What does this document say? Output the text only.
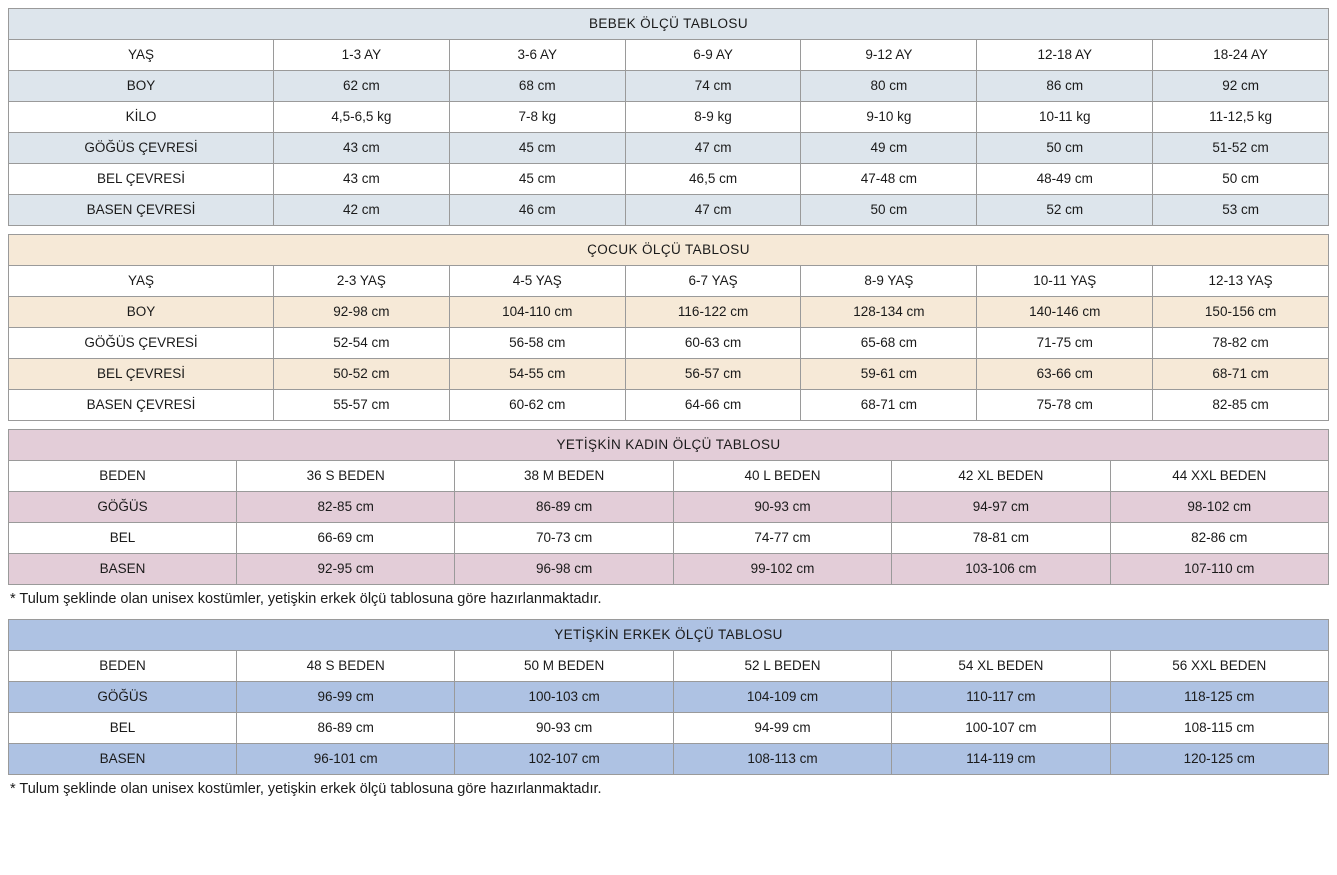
BEBEK ÖLÇÜ TABLOSU						
YAŞ	1-3 AY	3-6 AY	6-9 AY	9-12 AY	12-18 AY	18-24 AY
BOY	62 cm	68 cm	74 cm	80 cm	86 cm	92 cm
KİLO	4,5-6,5 kg	7-8 kg	8-9 kg	9-10 kg	10-11 kg	11-12,5 kg
GÖĞÜS ÇEVRESİ	43 cm	45 cm	47 cm	49 cm	50 cm	51-52 cm
BEL ÇEVRESİ	43 cm	45 cm	46,5 cm	47-48 cm	48-49 cm	50 cm
BASEN ÇEVRESİ	42 cm	46 cm	47 cm	50 cm	52 cm	53 cm
ÇOCUK ÖLÇÜ TABLOSU						
YAŞ	2-3 YAŞ	4-5 YAŞ	6-7 YAŞ	8-9 YAŞ	10-11 YAŞ	12-13 YAŞ
BOY	92-98 cm	104-110 cm	116-122 cm	128-134 cm	140-146 cm	150-156 cm
GÖĞÜS ÇEVRESİ	52-54 cm	56-58 cm	60-63 cm	65-68 cm	71-75 cm	78-82 cm
BEL ÇEVRESİ	50-52 cm	54-55 cm	56-57 cm	59-61 cm	63-66 cm	68-71 cm
BASEN ÇEVRESİ	55-57 cm	60-62 cm	64-66 cm	68-71 cm	75-78 cm	82-85 cm
YETİŞKİN KADIN ÖLÇÜ TABLOSU					
BEDEN	36 S BEDEN	38 M BEDEN	40 L BEDEN	42 XL BEDEN	44 XXL BEDEN
GÖĞÜS	82-85 cm	86-89 cm	90-93 cm	94-97 cm	98-102 cm
BEL	66-69 cm	70-73 cm	74-77 cm	78-81 cm	82-86 cm
BASEN	92-95 cm	96-98 cm	99-102 cm	103-106 cm	107-110 cm
* Tulum şeklinde olan unisex kostümler, yetişkin erkek ölçü tablosuna göre hazırlanmaktadır.
YETİŞKİN ERKEK ÖLÇÜ TABLOSU					
BEDEN	48 S BEDEN	50 M BEDEN	52 L BEDEN	54 XL BEDEN	56 XXL BEDEN
GÖĞÜS	96-99 cm	100-103 cm	104-109 cm	110-117 cm	118-125 cm
BEL	86-89 cm	90-93 cm	94-99 cm	100-107 cm	108-115 cm
BASEN	96-101 cm	102-107 cm	108-113 cm	114-119 cm	120-125 cm
* Tulum şeklinde olan unisex kostümler, yetişkin erkek ölçü tablosuna göre hazırlanmaktadır.
